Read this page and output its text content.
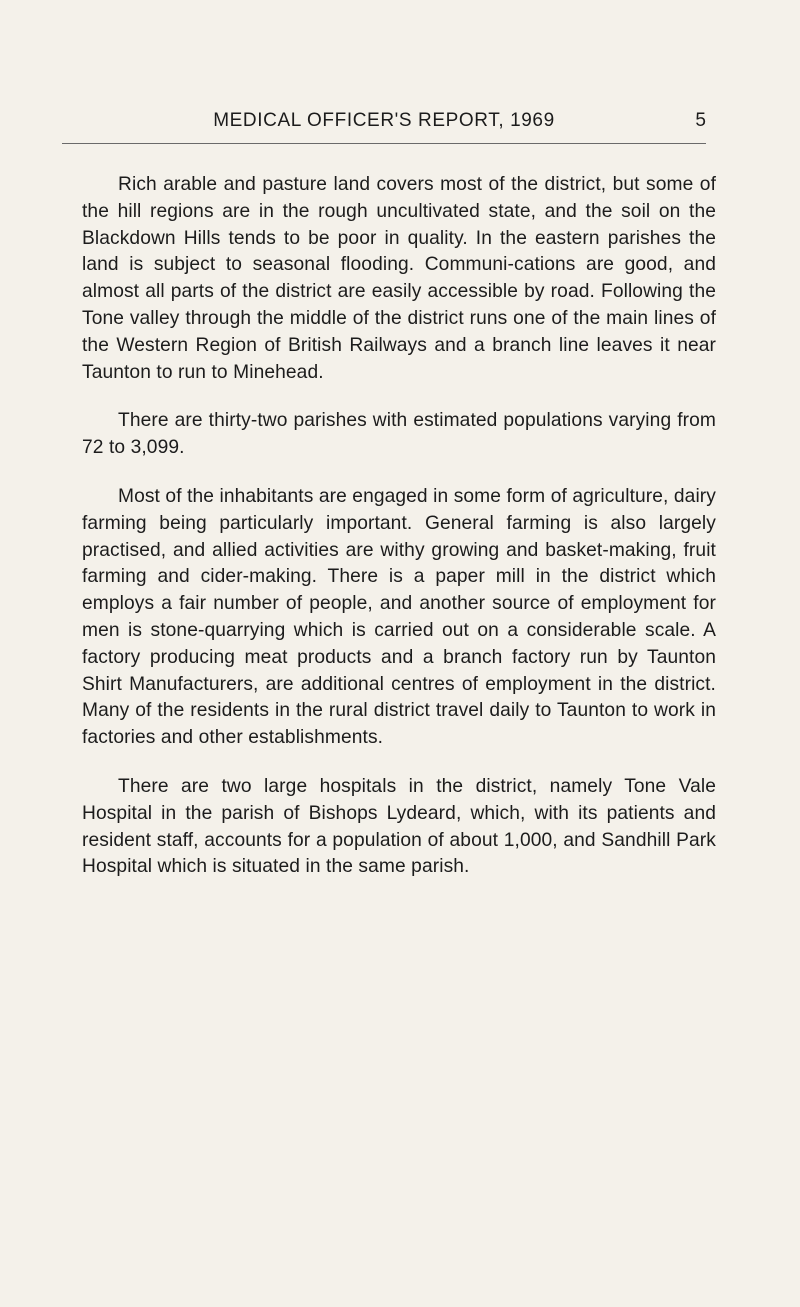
MEDICAL OFFICER'S REPORT, 1969	5

Rich arable and pasture land covers most of the district, but some of the hill regions are in the rough uncultivated state, and the soil on the Blackdown Hills tends to be poor in quality. In the eastern parishes the land is subject to seasonal flooding. Communi-cations are good, and almost all parts of the district are easily accessible by road. Following the Tone valley through the middle of the district runs one of the main lines of the Western Region of British Railways and a branch line leaves it near Taunton to run to Minehead.

There are thirty-two parishes with estimated populations varying from 72 to 3,099.

Most of the inhabitants are engaged in some form of agriculture, dairy farming being particularly important. General farming is also largely practised, and allied activities are withy growing and basket-making, fruit farming and cider-making. There is a paper mill in the district which employs a fair number of people, and another source of employment for men is stone-quarrying which is carried out on a considerable scale. A factory producing meat products and a branch factory run by Taunton Shirt Manufacturers, are additional centres of employment in the district. Many of the residents in the rural district travel daily to Taunton to work in factories and other establishments.

There are two large hospitals in the district, namely Tone Vale Hospital in the parish of Bishops Lydeard, which, with its patients and resident staff, accounts for a population of about 1,000, and Sandhill Park Hospital which is situated in the same parish.
